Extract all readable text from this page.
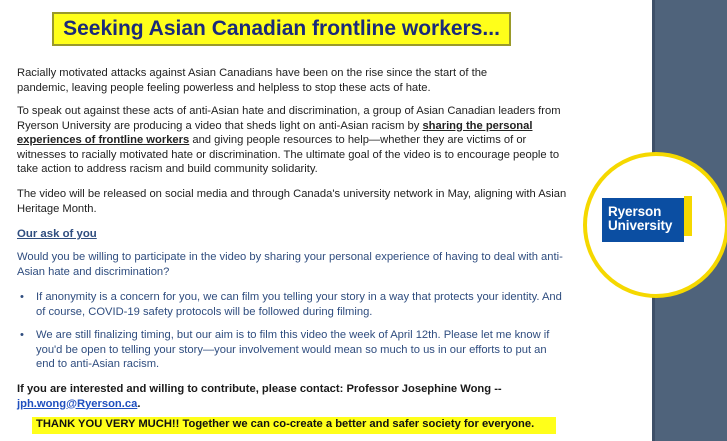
Ryerson
University
Seeking Asian Canadian frontline workers...
Racially motivated attacks against Asian Canadians have been on the rise since the start of the pandemic, leaving people feeling powerless and helpless to stop these acts of hate.
To speak out against these acts of anti-Asian hate and discrimination, a group of Asian Canadian leaders from Ryerson University are producing a video that sheds light on anti-Asian racism by sharing the personal experiences of frontline workers and giving people resources to help—whether they are victims of or witnesses to racially motivated hate or discrimination. The ultimate goal of the video is to encourage people to take action to address racism and build community solidarity.
The video will be released on social media and through Canada's university network in May, aligning with Asian Heritage Month.
Our ask of you
Would you be willing to participate in the video by sharing your personal experience of having to deal with anti-Asian hate and discrimination?
• If anonymity is a concern for you, we can film you telling your story in a way that protects your identity. And of course, COVID-19 safety protocols will be followed during filming.
• We are still finalizing timing, but our aim is to film this video the week of April 12th. Please let me know if you'd be open to telling your story—your involvement would mean so much to us in our efforts to put an end to anti-Asian racism.
If you are interested and willing to contribute, please contact: Professor Josephine Wong --
jph.wong@Ryerson.ca.
THANK YOU VERY MUCH!! Together we can co-create a better and safer society for everyone.
